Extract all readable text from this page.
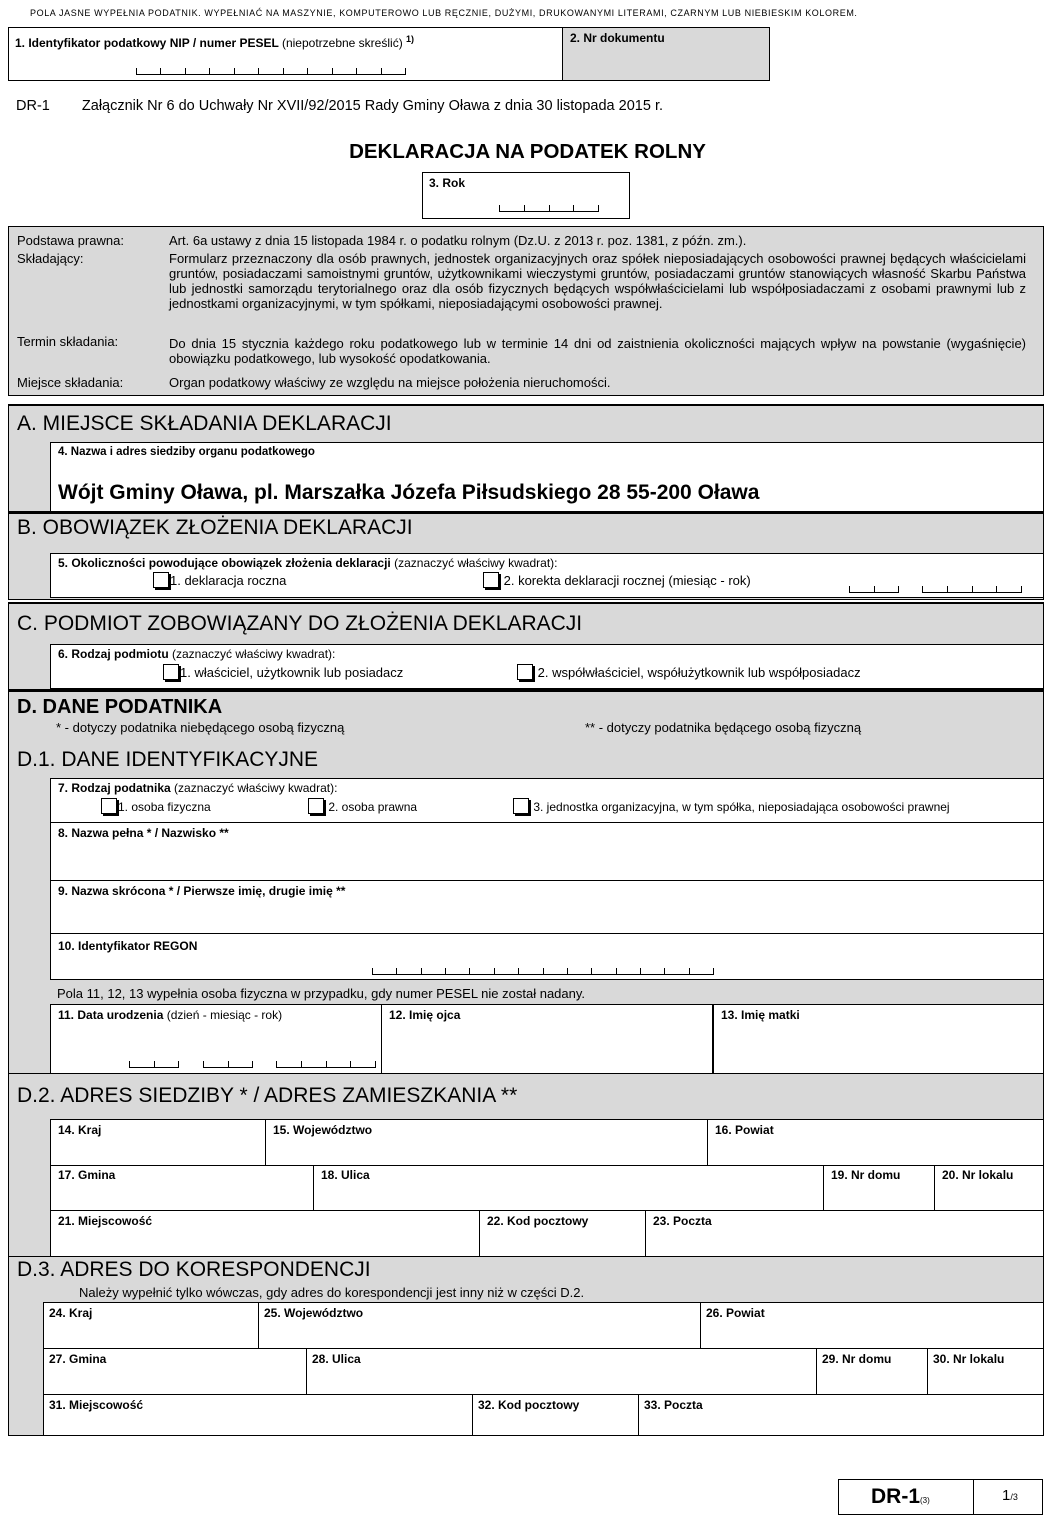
POLA JASNE WYPEŁNIA PODATNIK. WYPEŁNIAĆ NA MASZYNIE, KOMPUTEROWO LUB RĘCZNIE, DUŻYMI, DRUKOWANYMI LITERAMI, CZARNYM LUB NIEBIESKIM KOLOREM.
1. Identyfikator podatkowy NIP / numer PESEL (niepotrzebne skreślić) $^{1)}$	2. Nr dokumentu
DR-1 Załącznik Nr 6 do Uchwały Nr XVII/92/2015 Rady Gminy Oława z dnia 30 listopada 2015 r.
DEKLARACJA NA PODATEK ROLNY
3. Rok
Podstawa prawna:	Art. 6a ustawy z dnia 15 listopada 1984 r. o podatku rolnym (Dz.U. z 2013 r. poz. 1381, z późn. zm.).
Składający:	Formularz przeznaczony dla osób prawnych, jednostek organizacyjnych oraz spółek nieposiadających osobowości prawnej będących właścicielami gruntów, posiadaczami samoistnymi gruntów, użytkownikami wieczystymi gruntów, posiadaczami gruntów stanowiących własność Skarbu Państwa lub jednostki samorządu terytorialnego oraz dla osób fizycznych będących współwłaścicielami lub współposiadaczami z osobami prawnymi lub z jednostkami organizacyjnymi, w tym spółkami, nieposiadającymi osobowości prawnej.
Termin składania:	Do dnia 15 stycznia każdego roku podatkowego lub w terminie 14 dni od zaistnienia okoliczności mających wpływ na powstanie (wygaśnięcie) obowiązku podatkowego, lub wysokość opodatkowania.
Miejsce składania:	Organ podatkowy właściwy ze względu na miejsce położenia nieruchomości.
A. MIEJSCE SKŁADANIA DEKLARACJI
4. Nazwa i adres siedziby organu podatkowego
Wójt Gminy Oława, pl. Marszałka Józefa Piłsudskiego 28 55-200 Oława
B. OBOWIĄZEK ZŁOŻENIA DEKLARACJI
5. Okoliczności powodujące obowiązek złożenia deklaracji (zaznaczyć właściwy kwadrat):
1. deklaracja roczna	2. korekta deklaracji rocznej (miesiąc - rok)
C. PODMIOT ZOBOWIĄZANY DO ZŁOŻENIA DEKLARACJI
6. Rodzaj podmiotu (zaznaczyć właściwy kwadrat):
1. właściciel, użytkownik lub posiadacz	2. współwłaściciel, współużytkownik lub współposiadacz
D. DANE PODATNIKA
* - dotyczy podatnika niebędącego osobą fizyczną	** - dotyczy podatnika będącego osobą fizyczną
D.1. DANE IDENTYFIKACYJNE
7. Rodzaj podatnika (zaznaczyć właściwy kwadrat):
1. osoba fizyczna	2. osoba prawna	3. jednostka organizacyjna, w tym spółka, nieposiadająca osobowości prawnej
8. Nazwa pełna * / Nazwisko **
9. Nazwa skrócona * / Pierwsze imię, drugie imię **
10. Identyfikator REGON
Pola 11, 12, 13 wypełnia osoba fizyczna w przypadku, gdy numer PESEL nie został nadany.
11. Data urodzenia (dzień - miesiąc - rok)	12. Imię ojca	13. Imię matki
D.2. ADRES SIEDZIBY * / ADRES ZAMIESZKANIA **
14. Kraj	15. Województwo	16. Powiat
17. Gmina	18. Ulica	19. Nr domu	20. Nr lokalu
21. Miejscowość	22. Kod pocztowy	23. Poczta
D.3. ADRES DO KORESPONDENCJI
Należy wypełnić tylko wówczas, gdy adres do korespondencji jest inny niż w części D.2.
24. Kraj	25. Województwo	26. Powiat
27. Gmina	28. Ulica	29. Nr domu	30. Nr lokalu
31. Miejscowość	32. Kod pocztowy	33. Poczta
DR-1(3)	1/3
